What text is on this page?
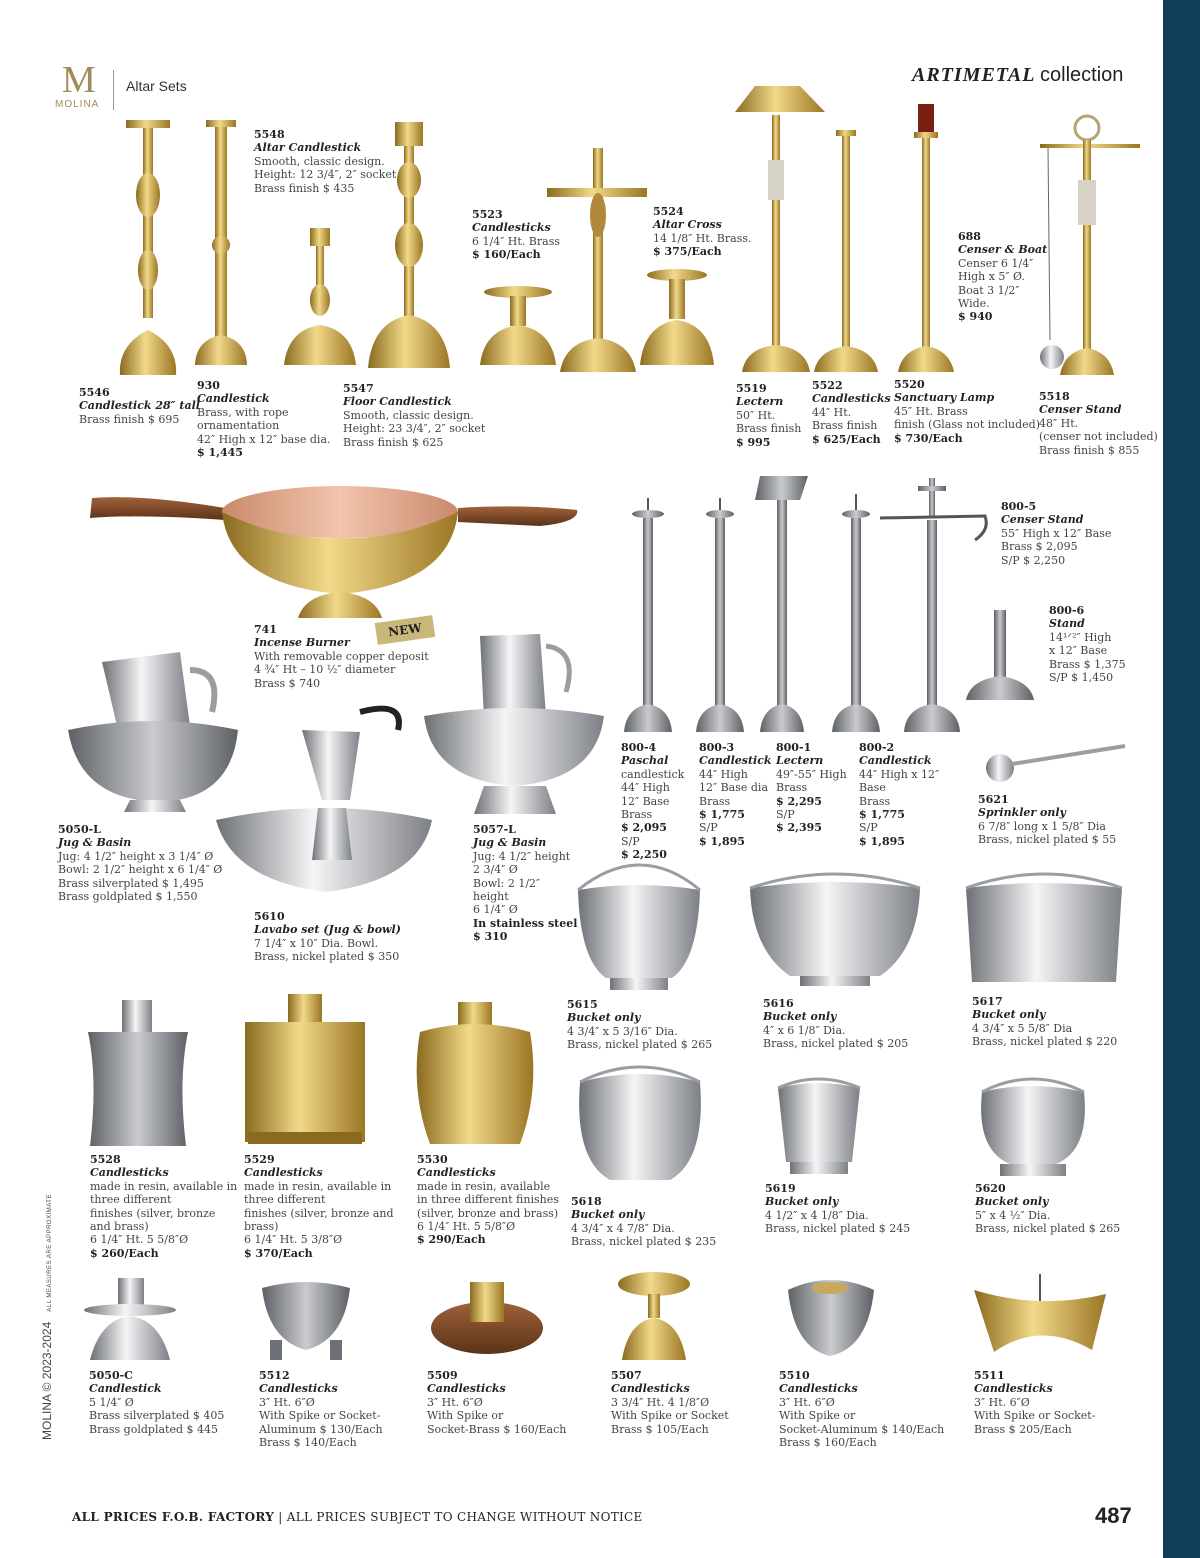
M
MOLINA
Altar Sets	ARTIMETAL collection
NEW
5548
Altar Candlestick
Smooth, classic design.
Height: 12 3/4″, 2″ socket
Brass finish $ 435
5546
Candlestick 28″ tall
Brass finish $ 695
930
Candlestick
Brass, with rope
ornamentation
42″ High x 12″ base dia.
$ 1,445
5547
Floor Candlestick
Smooth, classic design.
Height: 23 3/4″, 2″ socket
Brass finish $ 625
5523
Candlesticks
6 1/4″ Ht. Brass
$ 160/Each
5524
Altar Cross
14 1/8″ Ht. Brass.
$ 375/Each
688
Censer & Boat
Censer 6 1/4″
High x 5″ Ø.
Boat 3 1/2″
Wide.
$ 940
5519
Lectern
50″ Ht.
Brass finish
$ 995
5522
Candlesticks
44″ Ht.
Brass finish
$ 625/Each
5520
Sanctuary Lamp
45″ Ht. Brass
finish (Glass not included)
$ 730/Each
5518
Censer Stand
48″ Ht.
(censer not included)
Brass finish $ 855
800-5
Censer Stand
55″ High x 12″ Base
Brass $ 2,095
S/P $ 2,250
800-6
Stand
14¹ᐟ²″ High
x 12″ Base
Brass $ 1,375
S/P $ 1,450
741
Incense Burner
With removable copper deposit
4 ¾″ Ht – 10 ½″ diameter
Brass $ 740
800-4
Paschal
candlestick
44″ High
12″ Base
Brass
$ 2,095
S/P
$ 2,250
800-3
Candlestick
44″ High
12″ Base dia
Brass
$ 1,775
S/P
$ 1,895
800-1
Lectern
49″-55″ High
Brass
$ 2,295
S/P
$ 2,395
800-2
Candlestick
44″ High x 12″
Base
Brass
$ 1,775
S/P
$ 1,895
5621
Sprinkler only
6 7/8″ long x 1 5/8″ Dia
Brass, nickel plated $ 55
5050-L
Jug & Basin
Jug: 4 1/2″ height x 3 1/4″ Ø
Bowl: 2 1/2″ height x 6 1/4″ Ø
Brass silverplated $ 1,495
Brass goldplated $ 1,550
5610
Lavabo set (Jug & bowl)
7 1/4″ x 10″ Dia. Bowl.
Brass, nickel plated $ 350
5057-L
Jug & Basin
Jug: 4 1/2″ height
2 3/4″ Ø
Bowl: 2 1/2″
height
6 1/4″ Ø
In stainless steel
$ 310
5615
Bucket only
4 3/4″ x 5 3/16″ Dia.
Brass, nickel plated $ 265
5616
Bucket only
4″ x 6 1/8″ Dia.
Brass, nickel plated $ 205
5617
Bucket only
4 3/4″ x 5 5/8″ Dia
Brass, nickel plated $ 220
5528
Candlesticks
made in resin, available in
three different
finishes (silver, bronze
and brass)
6 1/4″ Ht. 5 5/8″Ø
$ 260/Each
5529
Candlesticks
made in resin, available in
three different
finishes (silver, bronze and
brass)
6 1/4″ Ht. 5 3/8″Ø
$ 370/Each
5530
Candlesticks
made in resin, available
in three different finishes
(silver, bronze and brass)
6 1/4″ Ht. 5 5/8″Ø
$ 290/Each
5618
Bucket only
4 3/4″ x 4 7/8″ Dia.
Brass, nickel plated $ 235
5619
Bucket only
4 1/2″ x 4 1/8″ Dia.
Brass, nickel plated $ 245
5620
Bucket only
5″ x 4 ½″ Dia.
Brass, nickel plated $ 265
5050-C
Candlestick
5 1/4″ Ø
Brass silverplated $ 405
Brass goldplated $ 445
5512
Candlesticks
3″ Ht. 6″Ø
With Spike or Socket-
Aluminum $ 130/Each
Brass $ 140/Each
5509
Candlesticks
3″ Ht. 6″Ø
With Spike or
Socket-Brass $ 160/Each
5507
Candlesticks
3 3/4″ Ht. 4 1/8″Ø
With Spike or Socket
Brass $ 105/Each
5510
Candlesticks
3″ Ht. 6″Ø
With Spike or
Socket-Aluminum $ 140/Each
Brass $ 160/Each
5511
Candlesticks
3″ Ht. 6″Ø
With Spike or Socket-
Brass $ 205/Each
MOLINA © 2023-2024   ALL MEASURES ARE APPROXIMATE
ALL PRICES F.O.B. FACTORY | ALL PRICES SUBJECT TO CHANGE WITHOUT NOTICE	487
